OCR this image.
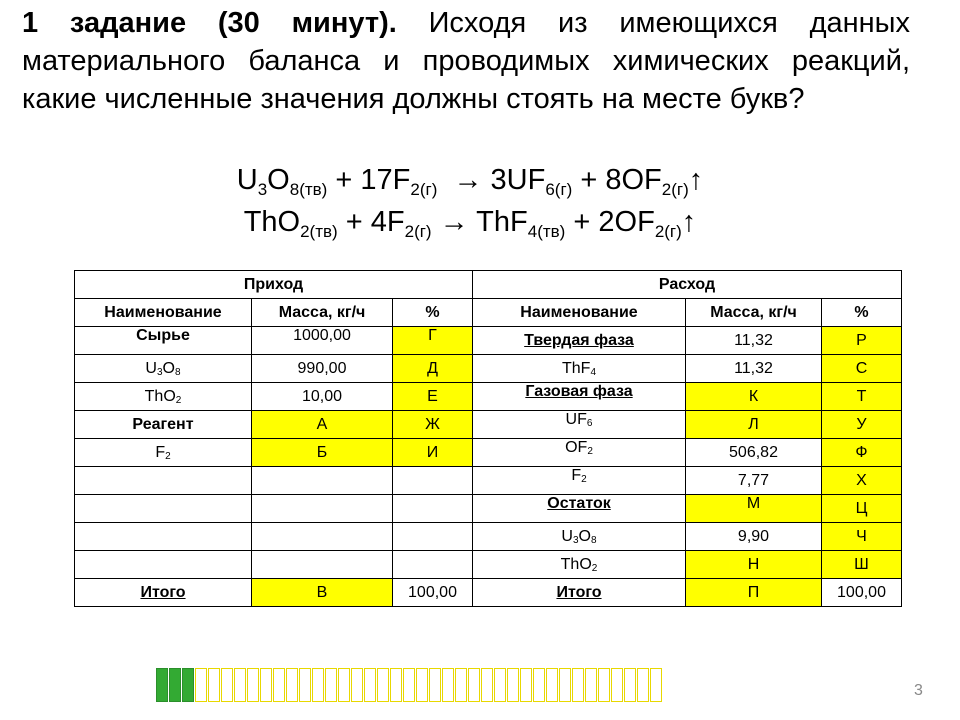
1 задание (30 минут). Исходя из имеющихся данных материального баланса и проводимых химических реакций, какие численные значения должны стоять на месте букв?

$U_3O_{8(тв)} + 17F_{2(г)} \to 3UF_{6(г)}$ + $8OF_{2(г)}↑$

$ThO_{2(тв)} + 4F_{2(г)} \to ThF_{4(тв)}$ + $2OF_{2(г)}↑$

Приход			Расход		
Наименование	Масса, кг/ч	%	Наименование	Масса, кг/ч	%
Сырье	1000,00	Г	Твердая фаза	11,32	Р
$U_3O_8$	990,00	Д	ThF$_4$	11,32	С
ThO$_2$	10,00	Е	Газовая фаза	К	Т
Реагент	А	Ж	$UF_6$	Л	У
$F_2$	Б	И	$OF_2$	506,82	Ф
			$F_2$	7,77	Х
			Остаток	М	Ц
			$U_3O_8$	9,90	Ч
			ThO$_2$	Н	Ш
Итого	В	100,00	Итого	П	100,00
3
